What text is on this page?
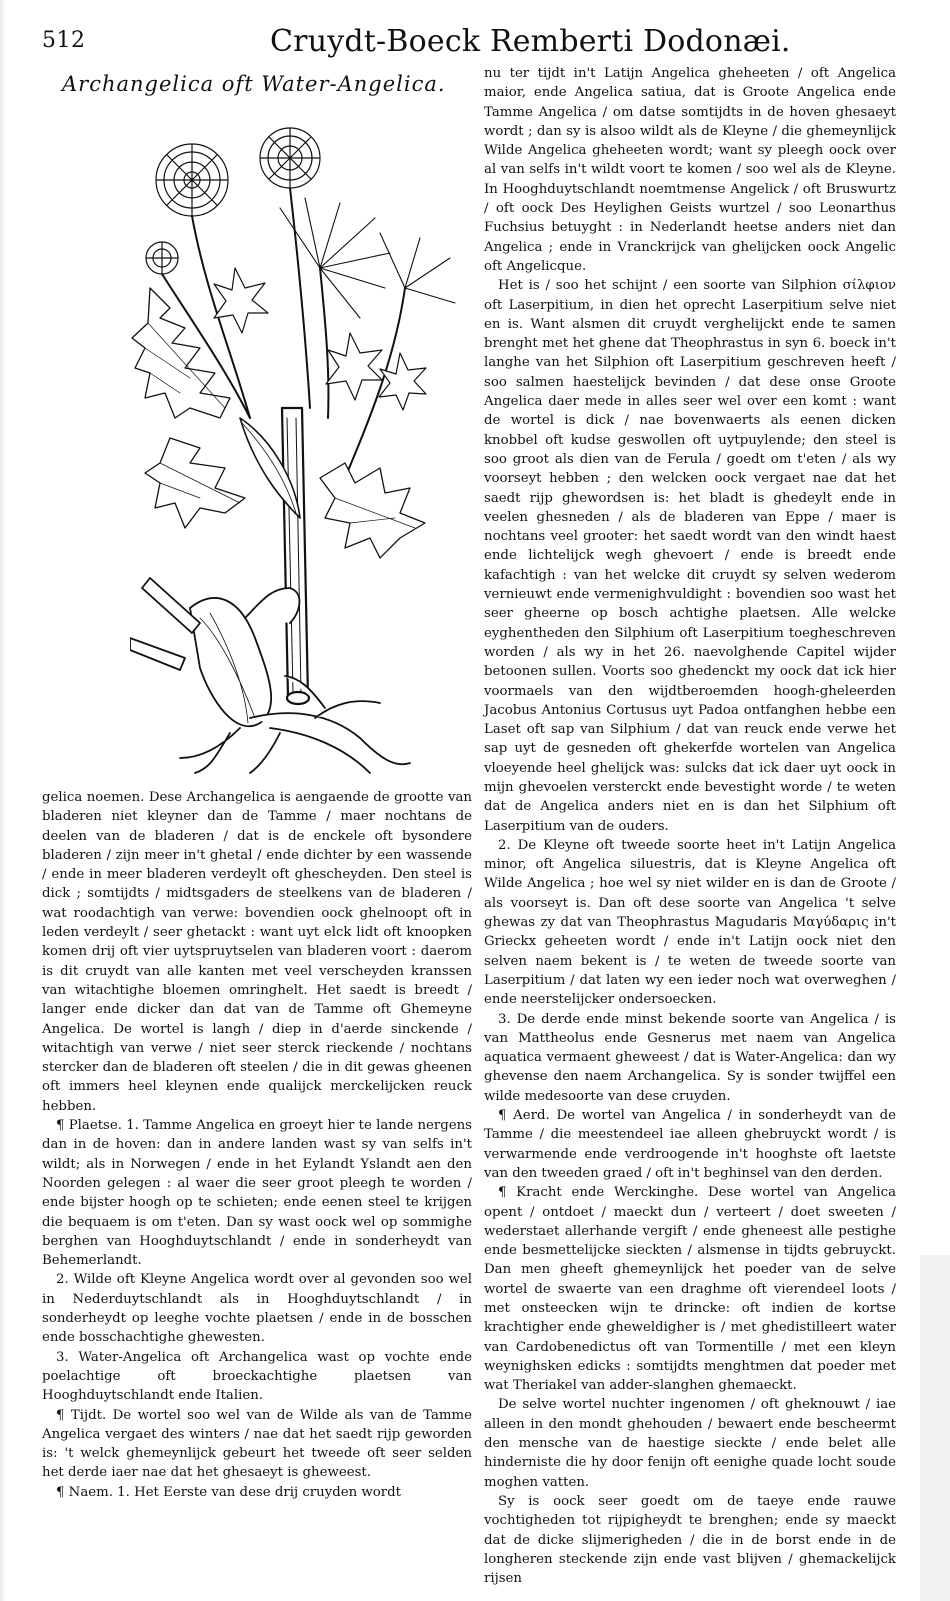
512	Cruydt-Boeck Remberti Dodonæi.
Archangelica oft Water-Angelica.	nu ter tijdt in't Latijn Angelica gheheeten / oft Angelica maior, ende Angelica satiua, dat is Groote Angelica ende Tamme Angelica / om datse somtijdts in de hoven ghesaeyt wordt ; dan sy is alsoo wildt als de Kleyne / die ghemeynlijck Wilde Angelica gheheeten wordt; want sy pleegh oock over al van selfs in't wildt voort te komen / soo wel als de Kleyne. In Hooghduytschlandt noemtmense Angelick / oft Bruswurtz / oft oock Des Heylighen Geists wurtzel / soo Leonarthus Fuchsius betuyght : in Nederlandt heetse anders niet dan Angelica ; ende in Vranckrijck van ghelijcken oock Angelic oft Angelicque.

Het is / soo het schijnt / een soorte van Silphion σίλφιον oft Laserpitium, in dien het oprecht Laserpitium selve niet en is. Want alsmen dit cruydt verghelijckt ende te samen brenght met het ghene dat Theophrastus in syn 6. boeck in't langhe van het Silphion oft Laserpitium geschreven heeft / soo salmen haestelijck bevinden / dat dese onse Groote Angelica daer mede in alles seer wel over een komt : want de wortel is dick / nae bovenwaerts als eenen dicken knobbel oft kudse geswollen oft uytpuylende; den steel is soo groot als dien van de Ferula / goedt om t'eten / als wy voorseyt hebben ; den welcken oock vergaet nae dat het saedt rijp ghewordsen is: het bladt is ghedeylt ende in veelen ghesneden / als de bladeren van Eppe / maer is nochtans veel grooter: het saedt wordt van den windt haest ende lichtelijck wegh ghevoert / ende is breedt ende kafachtigh : van het welcke dit cruydt sy selven wederom vernieuwt ende vermenighvuldight : bovendien soo wast het seer gheerne op bosch achtighe plaetsen. Alle welcke eyghentheden den Silphium oft Laserpitium toegheschreven worden / als wy in het 26. naevolghende Capitel wijder betoonen sullen. Voorts soo ghedenckt my oock dat ick hier voormaels van den wijdtberoemden hoogh-gheleerden Jacobus Antonius Cortusus uyt Padoa ontfanghen hebbe een Laset oft sap van Silphium / dat van reuck ende verwe het sap uyt de gesneden oft ghekerfde wortelen van Angelica vloeyende heel ghelijck was: sulcks dat ick daer uyt oock in mijn ghevoelen versterckt ende bevestight worde / te weten dat de Angelica anders niet en is dan het Silphium oft Laserpitium van de ouders.

2. De Kleyne oft tweede soorte heet in't Latijn Angelica minor, oft Angelica siluestris, dat is Kleyne Angelica oft Wilde Angelica ; hoe wel sy niet wilder en is dan de Groote / als voorseyt is. Dan oft dese soorte van Angelica 't selve ghewas zy dat van Theophrastus Magudaris Μαγύδαρις in't Grieckx geheeten wordt / ende in't Latijn oock niet den selven naem bekent is / te weten de tweede soorte van Laserpitium / dat laten wy een ieder noch wat overweghen / ende neerstelijcker ondersoecken.

3. De derde ende minst bekende soorte van Angelica / is van Mattheolus ende Gesnerus met naem van Angelica aquatica vermaent gheweest / dat is Water-Angelica: dan wy ghevense den naem Archangelica. Sy is sonder twijffel een wilde medesoorte van dese cruyden.

¶ Aerd. De wortel van Angelica / in sonderheydt van de Tamme / die meestendeel iae alleen ghebruyckt wordt / is verwarmende ende verdroogende in't hooghste oft laetste van den tweeden graed / oft in't beghinsel van den derden.

¶ Kracht ende Werckinghe. Dese wortel van Angelica opent / ontdoet / maeckt dun / verteert / doet sweeten / wederstaet allerhande vergift / ende gheneest alle pestighe ende besmettelijcke sieckten / alsmense in tijdts gebruyckt. Dan men gheeft ghemeynlijck het poeder van de selve wortel de swaerte van een draghme oft vierendeel loots / met onsteecken wijn te drincke: oft indien de kortse krachtigher ende gheweldigher is / met ghedistilleert water van Cardobenedictus oft van Tormentille / met een kleyn weynighsken edicks : somtijdts menghtmen dat poeder met wat Theriakel van adder-slanghen ghemaeckt.

De selve wortel nuchter ingenomen / oft gheknouwt / iae alleen in den mondt ghehouden / bewaert ende bescheermt den mensche van de haestige sieckte / ende belet alle hinderniste die hy door fenijn oft eenighe quade locht soude moghen vatten.

Sy is oock seer goedt om de taeye ende rauwe vochtigheden tot rijpigheydt te brenghen; ende sy maeckt dat de dicke slijmerigheden / die in de borst ende in de longheren steckende zijn ende vast blijven / ghemackelijck rijsen

gelica noemen. Dese Archangelica is aengaende de grootte van bladeren niet kleyner dan de Tamme / maer nochtans de deelen van de bladeren / dat is de enckele oft bysondere bladeren / zijn meer in't ghetal / ende dichter by een wassende / ende in meer bladeren verdeylt oft ghescheyden. Den steel is dick ; somtijdts / midtsgaders de steelkens van de bladeren / wat roodachtigh van verwe: bovendien oock ghelnoopt oft in leden verdeylt / seer ghetackt : want uyt elck lidt oft knoopken komen drij oft vier uytspruytselen van bladeren voort : daerom is dit cruydt van alle kanten met veel verscheyden kranssen van witachtighe bloemen omringhelt. Het saedt is breedt / langer ende dicker dan dat van de Tamme oft Ghemeyne Angelica. De wortel is langh / diep in d'aerde sinckende / witachtigh van verwe / niet seer sterck rieckende / nochtans stercker dan de bladeren oft steelen / die in dit gewas gheenen oft immers heel kleynen ende qualijck merckelijcken reuck hebben.

¶ Plaetse. 1. Tamme Angelica en groeyt hier te lande nergens dan in de hoven: dan in andere landen wast sy van selfs in't wildt; als in Norwegen / ende in het Eylandt Yslandt aen den Noorden gelegen : al waer die seer groot pleegh te worden / ende bijster hoogh op te schieten; ende eenen steel te krijgen die bequaem is om t'eten. Dan sy wast oock wel op sommighe berghen van Hooghduytschlandt / ende in sonderheydt van Behemerlandt.

2. Wilde oft Kleyne Angelica wordt over al gevonden soo wel in Nederduytschlandt als in Hooghduytschlandt / in sonderheydt op leeghe vochte plaetsen / ende in de bosschen ende bosschachtighe ghewesten.

3. Water-Angelica oft Archangelica wast op vochte ende poelachtige oft broeckachtighe plaetsen van Hooghduytschlandt ende Italien.

¶ Tijdt. De wortel soo wel van de Wilde als van de Tamme Angelica vergaet des winters / nae dat het saedt rijp geworden is: 't welck ghemeynlijck gebeurt het tweede oft seer selden het derde iaer nae dat het ghesaeyt is gheweest.

¶ Naem. 1. Het Eerste van dese drij cruyden wordt
